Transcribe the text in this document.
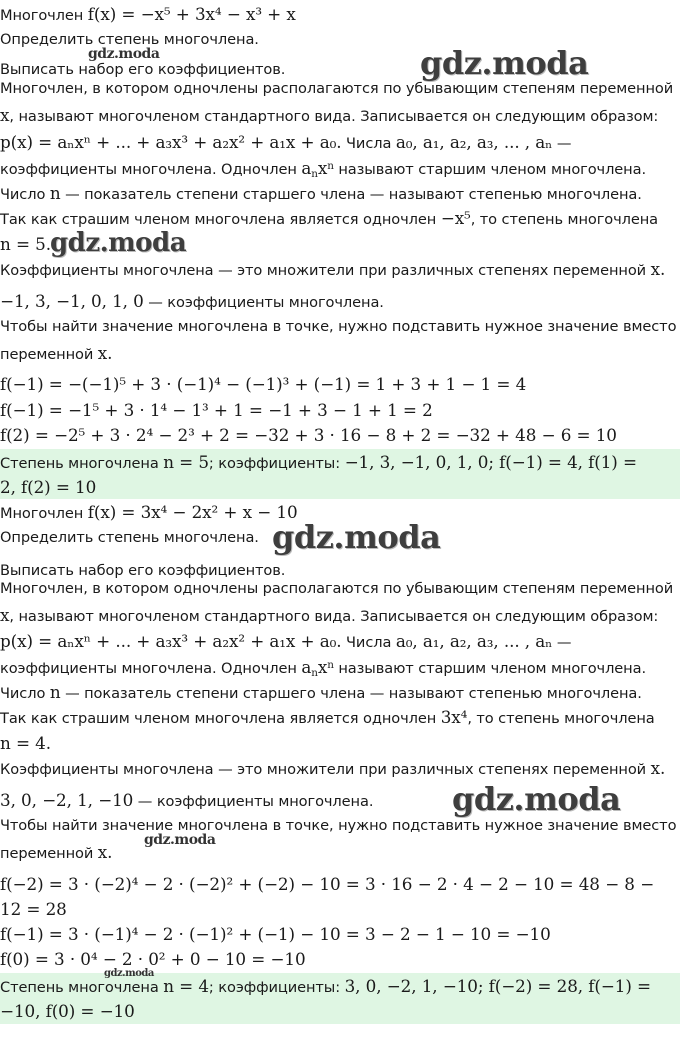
Многочлен f(x) = −x⁵ + 3x⁴ − x³ + x
Определить степень многочлена.
Выписать набор его коэффициентов.
Многочлен, в котором одночлены располагаются по убывающим степеням переменной
x, называют многочленом стандартного вида. Записывается он следующим образом:
p(x) = aₙxⁿ + ... + a₃x³ + a₂x² + a₁x + a₀. Числа a₀, a₁, a₂, a₃, ... , aₙ —
коэффициенты многочлена. Одночлен $a_nx^n$ называют старшим членом многочлена.
Число n — показатель степени старшего члена — называют степенью многочлена.
Так как страшим членом многочлена является одночлен −x⁵, то степень многочлена
n = 5.
Коэффициенты многочлена — это множители при различных степенях переменной x.
−1, 3, −1, 0, 1, 0 — коэффициенты многочлена.
Чтобы найти значение многочлена в точке, нужно подставить нужное значение вместо
переменной x.
f(−1) = −(−1)⁵ + 3 · (−1)⁴ − (−1)³ + (−1) = 1 + 3 + 1 − 1 = 4
f(−1) = −1⁵ + 3 · 1⁴ − 1³ + 1 = −1 + 3 − 1 + 1 = 2
f(2) = −2⁵ + 3 · 2⁴ − 2³ + 2 = −32 + 3 · 16 − 8 + 2 = −32 + 48 − 6 = 10
Степень многочлена n = 5; коэффициенты: −1, 3, −1, 0, 1, 0; f(−1) = 4, f(1) =
2, f(2) = 10
Многочлен f(x) = 3x⁴ − 2x² + x − 10
Определить степень многочлена.
Выписать набор его коэффициентов.
Многочлен, в котором одночлены располагаются по убывающим степеням переменной
x, называют многочленом стандартного вида. Записывается он следующим образом:
p(x) = aₙxⁿ + ... + a₃x³ + a₂x² + a₁x + a₀. Числа a₀, a₁, a₂, a₃, ... , aₙ —
коэффициенты многочлена. Одночлен $a_nx^n$ называют старшим членом многочлена.
Число n — показатель степени старшего члена — называют степенью многочлена.
Так как страшим членом многочлена является одночлен 3x⁴, то степень многочлена
n = 4.
Коэффициенты многочлена — это множители при различных степенях переменной x.
3, 0, −2, 1, −10 — коэффициенты многочлена.
Чтобы найти значение многочлена в точке, нужно подставить нужное значение вместо
переменной x.
f(−2) = 3 · (−2)⁴ − 2 · (−2)² + (−2) − 10 = 3 · 16 − 2 · 4 − 2 − 10 = 48 − 8 −
12 = 28
f(−1) = 3 · (−1)⁴ − 2 · (−1)² + (−1) − 10 = 3 − 2 − 1 − 10 = −10
f(0) = 3 · 0⁴ − 2 · 0² + 0 − 10 = −10
Степень многочлена n = 4; коэффициенты: 3, 0, −2, 1, −10; f(−2) = 28, f(−1) =
−10, f(0) = −10
gdz.moda	gdz.moda
gdz.moda
gdz.moda
gdz.moda
gdz.moda
gdz.moda
